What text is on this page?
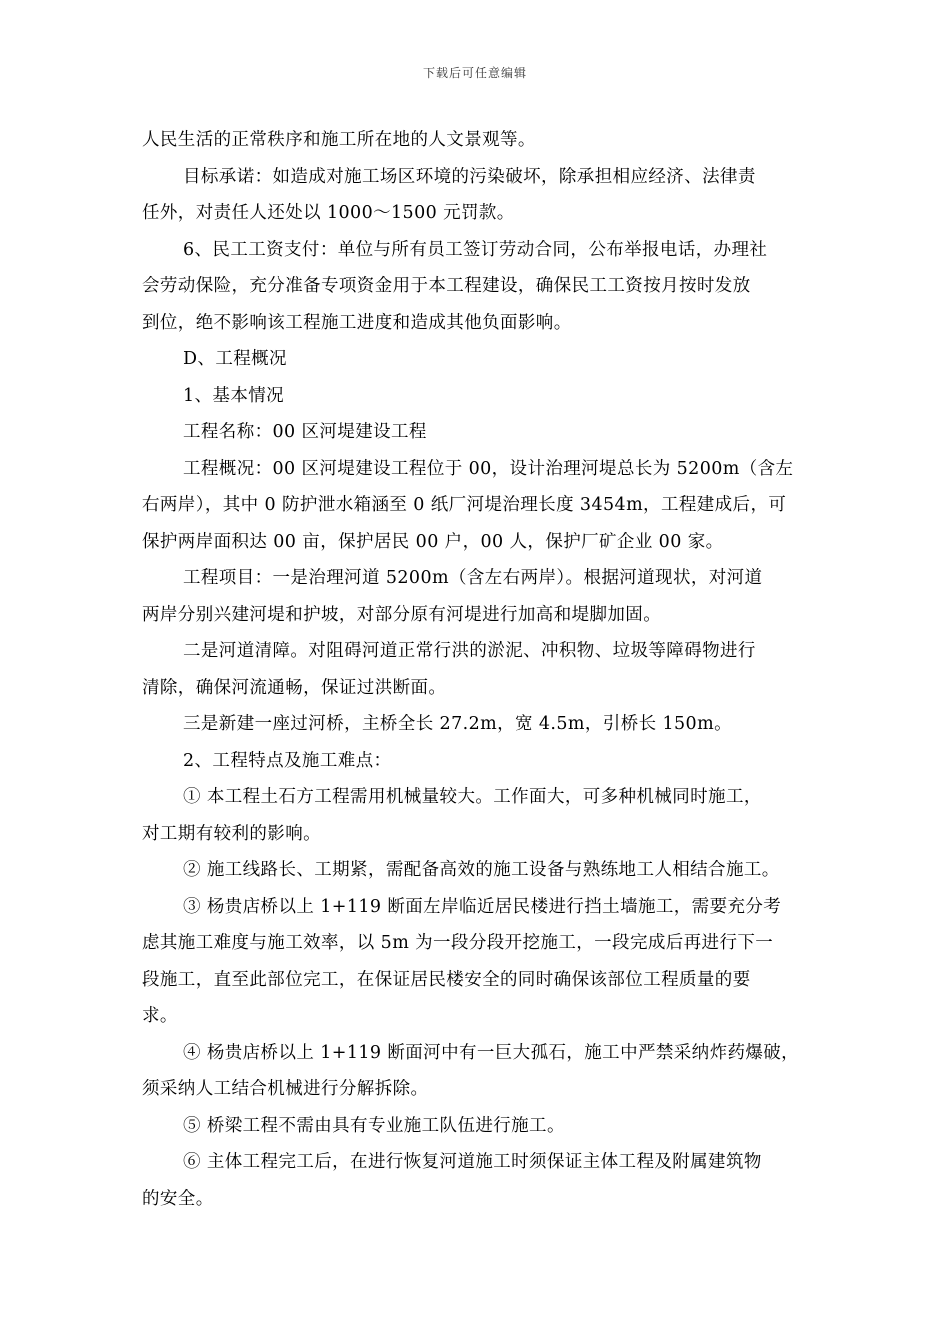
下载后可任意编辑
人民生活的正常秩序和施工所在地的人文景观等。
目标承诺：如造成对施工场区环境的污染破坏，除承担相应经济、法律责
任外，对责任人还处以 1000～1500 元罚款。
6、民工工资支付：单位与所有员工签订劳动合同，公布举报电话，办理社
会劳动保险，充分准备专项资金用于本工程建设，确保民工工资按月按时发放
到位，绝不影响该工程施工进度和造成其他负面影响。
D、工程概况
1、基本情况
工程名称：00 区河堤建设工程
工程概况：00 区河堤建设工程位于 00，设计治理河堤总长为 5200m（含左
右两岸），其中 0 防护泄水箱涵至 0 纸厂河堤治理长度 3454m，工程建成后，可
保护两岸面积达 00 亩，保护居民 00 户，00 人，保护厂矿企业 00 家。
工程项目：一是治理河道 5200m（含左右两岸）。根据河道现状，对河道
两岸分别兴建河堤和护坡，对部分原有河堤进行加高和堤脚加固。
二是河道清障。对阻碍河道正常行洪的淤泥、冲积物、垃圾等障碍物进行
清除，确保河流通畅，保证过洪断面。
三是新建一座过河桥，主桥全长 27.2m，宽 4.5m，引桥长 150m。
2、工程特点及施工难点：
① 本工程土石方工程需用机械量较大。工作面大，可多种机械同时施工，
对工期有较利的影响。
② 施工线路长、工期紧，需配备高效的施工设备与熟练地工人相结合施工。
③ 杨贵店桥以上 1+119 断面左岸临近居民楼进行挡土墙施工，需要充分考
虑其施工难度与施工效率，以 5m 为一段分段开挖施工，一段完成后再进行下一
段施工，直至此部位完工，在保证居民楼安全的同时确保该部位工程质量的要
求。
④ 杨贵店桥以上 1+119 断面河中有一巨大孤石，施工中严禁采纳炸药爆破，
须采纳人工结合机械进行分解拆除。
⑤ 桥梁工程不需由具有专业施工队伍进行施工。
⑥ 主体工程完工后，在进行恢复河道施工时须保证主体工程及附属建筑物
的安全。
